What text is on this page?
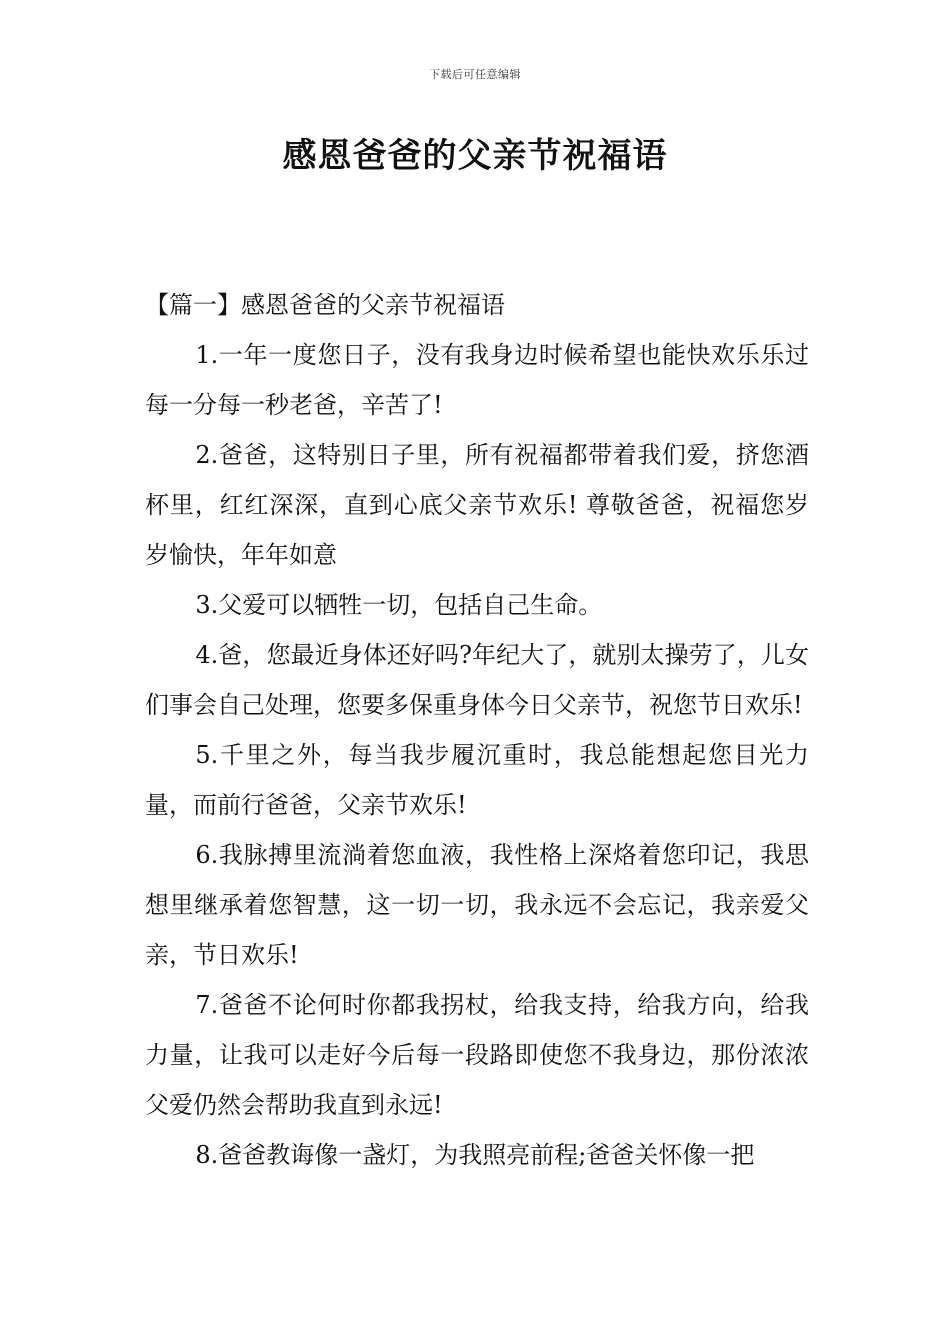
下载后可任意编辑
感恩爸爸的父亲节祝福语

【篇一】感恩爸爸的父亲节祝福语

1.一年一度您日子，没有我身边时候希望也能快欢乐乐过每一分每一秒老爸，辛苦了!

2.爸爸，这特别日子里，所有祝福都带着我们爱，挤您酒杯里，红红深深，直到心底父亲节欢乐! 尊敬爸爸，祝福您岁岁愉快，年年如意

3.父爱可以牺牲一切，包括自己生命。

4.爸，您最近身体还好吗?年纪大了，就别太操劳了，儿女们事会自己处理，您要多保重身体今日父亲节，祝您节日欢乐!

5.千里之外，每当我步履沉重时，我总能想起您目光力量，而前行爸爸，父亲节欢乐!

6.我脉搏里流淌着您血液，我性格上深烙着您印记，我思想里继承着您智慧，这一切一切，我永远不会忘记，我亲爱父亲，节日欢乐!

7.爸爸不论何时你都我拐杖，给我支持，给我方向，给我力量，让我可以走好今后每一段路即使您不我身边，那份浓浓父爱仍然会帮助我直到永远!

8.爸爸教诲像一盏灯，为我照亮前程;爸爸关怀像一把
